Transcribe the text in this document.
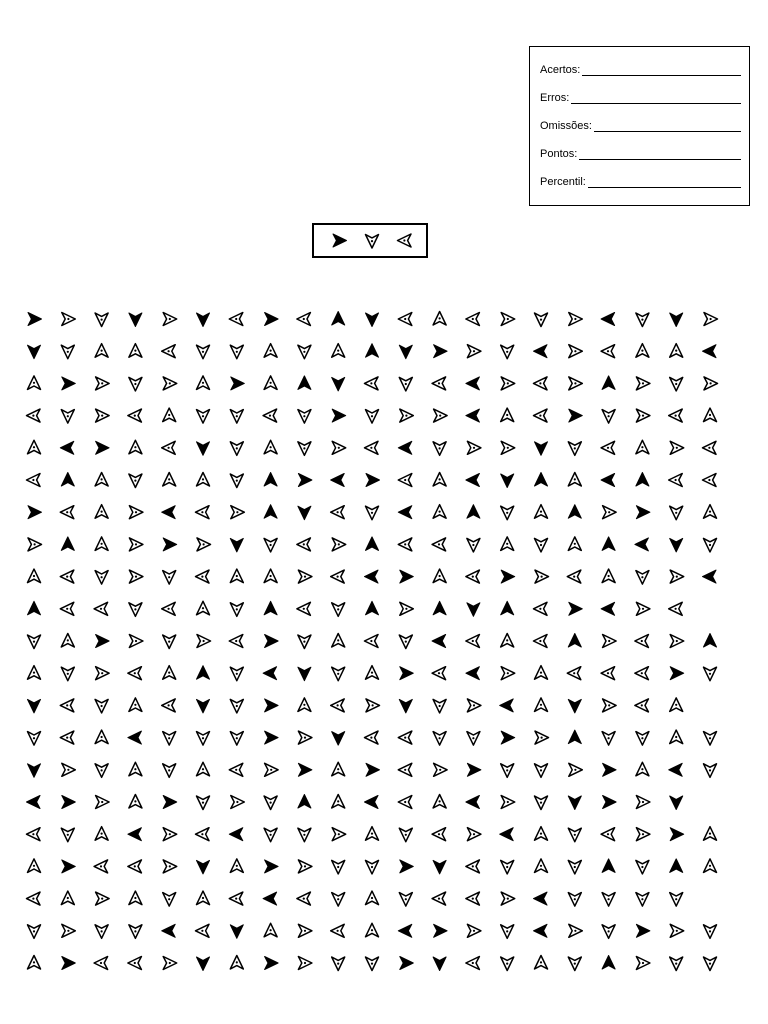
Acertos:
Erros:
Omissões:
Pontos:
Percentil:
